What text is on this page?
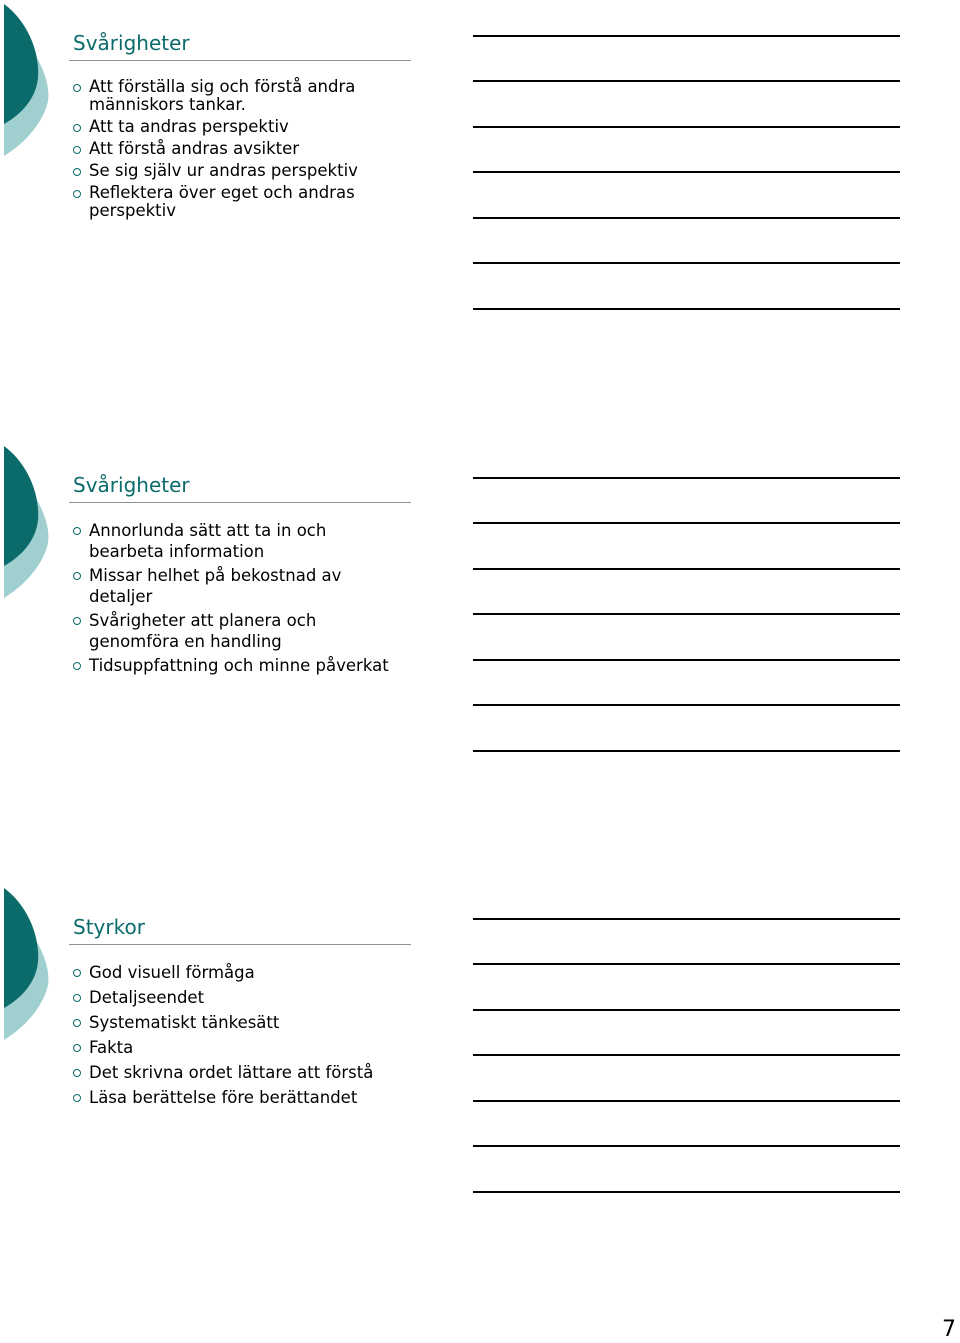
Svårigheter
Att förställa sig och förstå andra
människors tankar.
Att ta andras perspektiv
Att förstå andras avsikter
Se sig själv ur andras perspektiv
Reflektera över eget och andras
perspektiv
Svårigheter
Annorlunda sätt att ta in och
bearbeta information
Missar helhet på bekostnad av
detaljer
Svårigheter att planera och
genomföra en handling
Tidsuppfattning och minne påverkat
Styrkor
God visuell förmåga
Detaljseendet
Systematiskt tänkesätt
Fakta
Det skrivna ordet lättare att förstå
Läsa berättelse före berättandet
7
